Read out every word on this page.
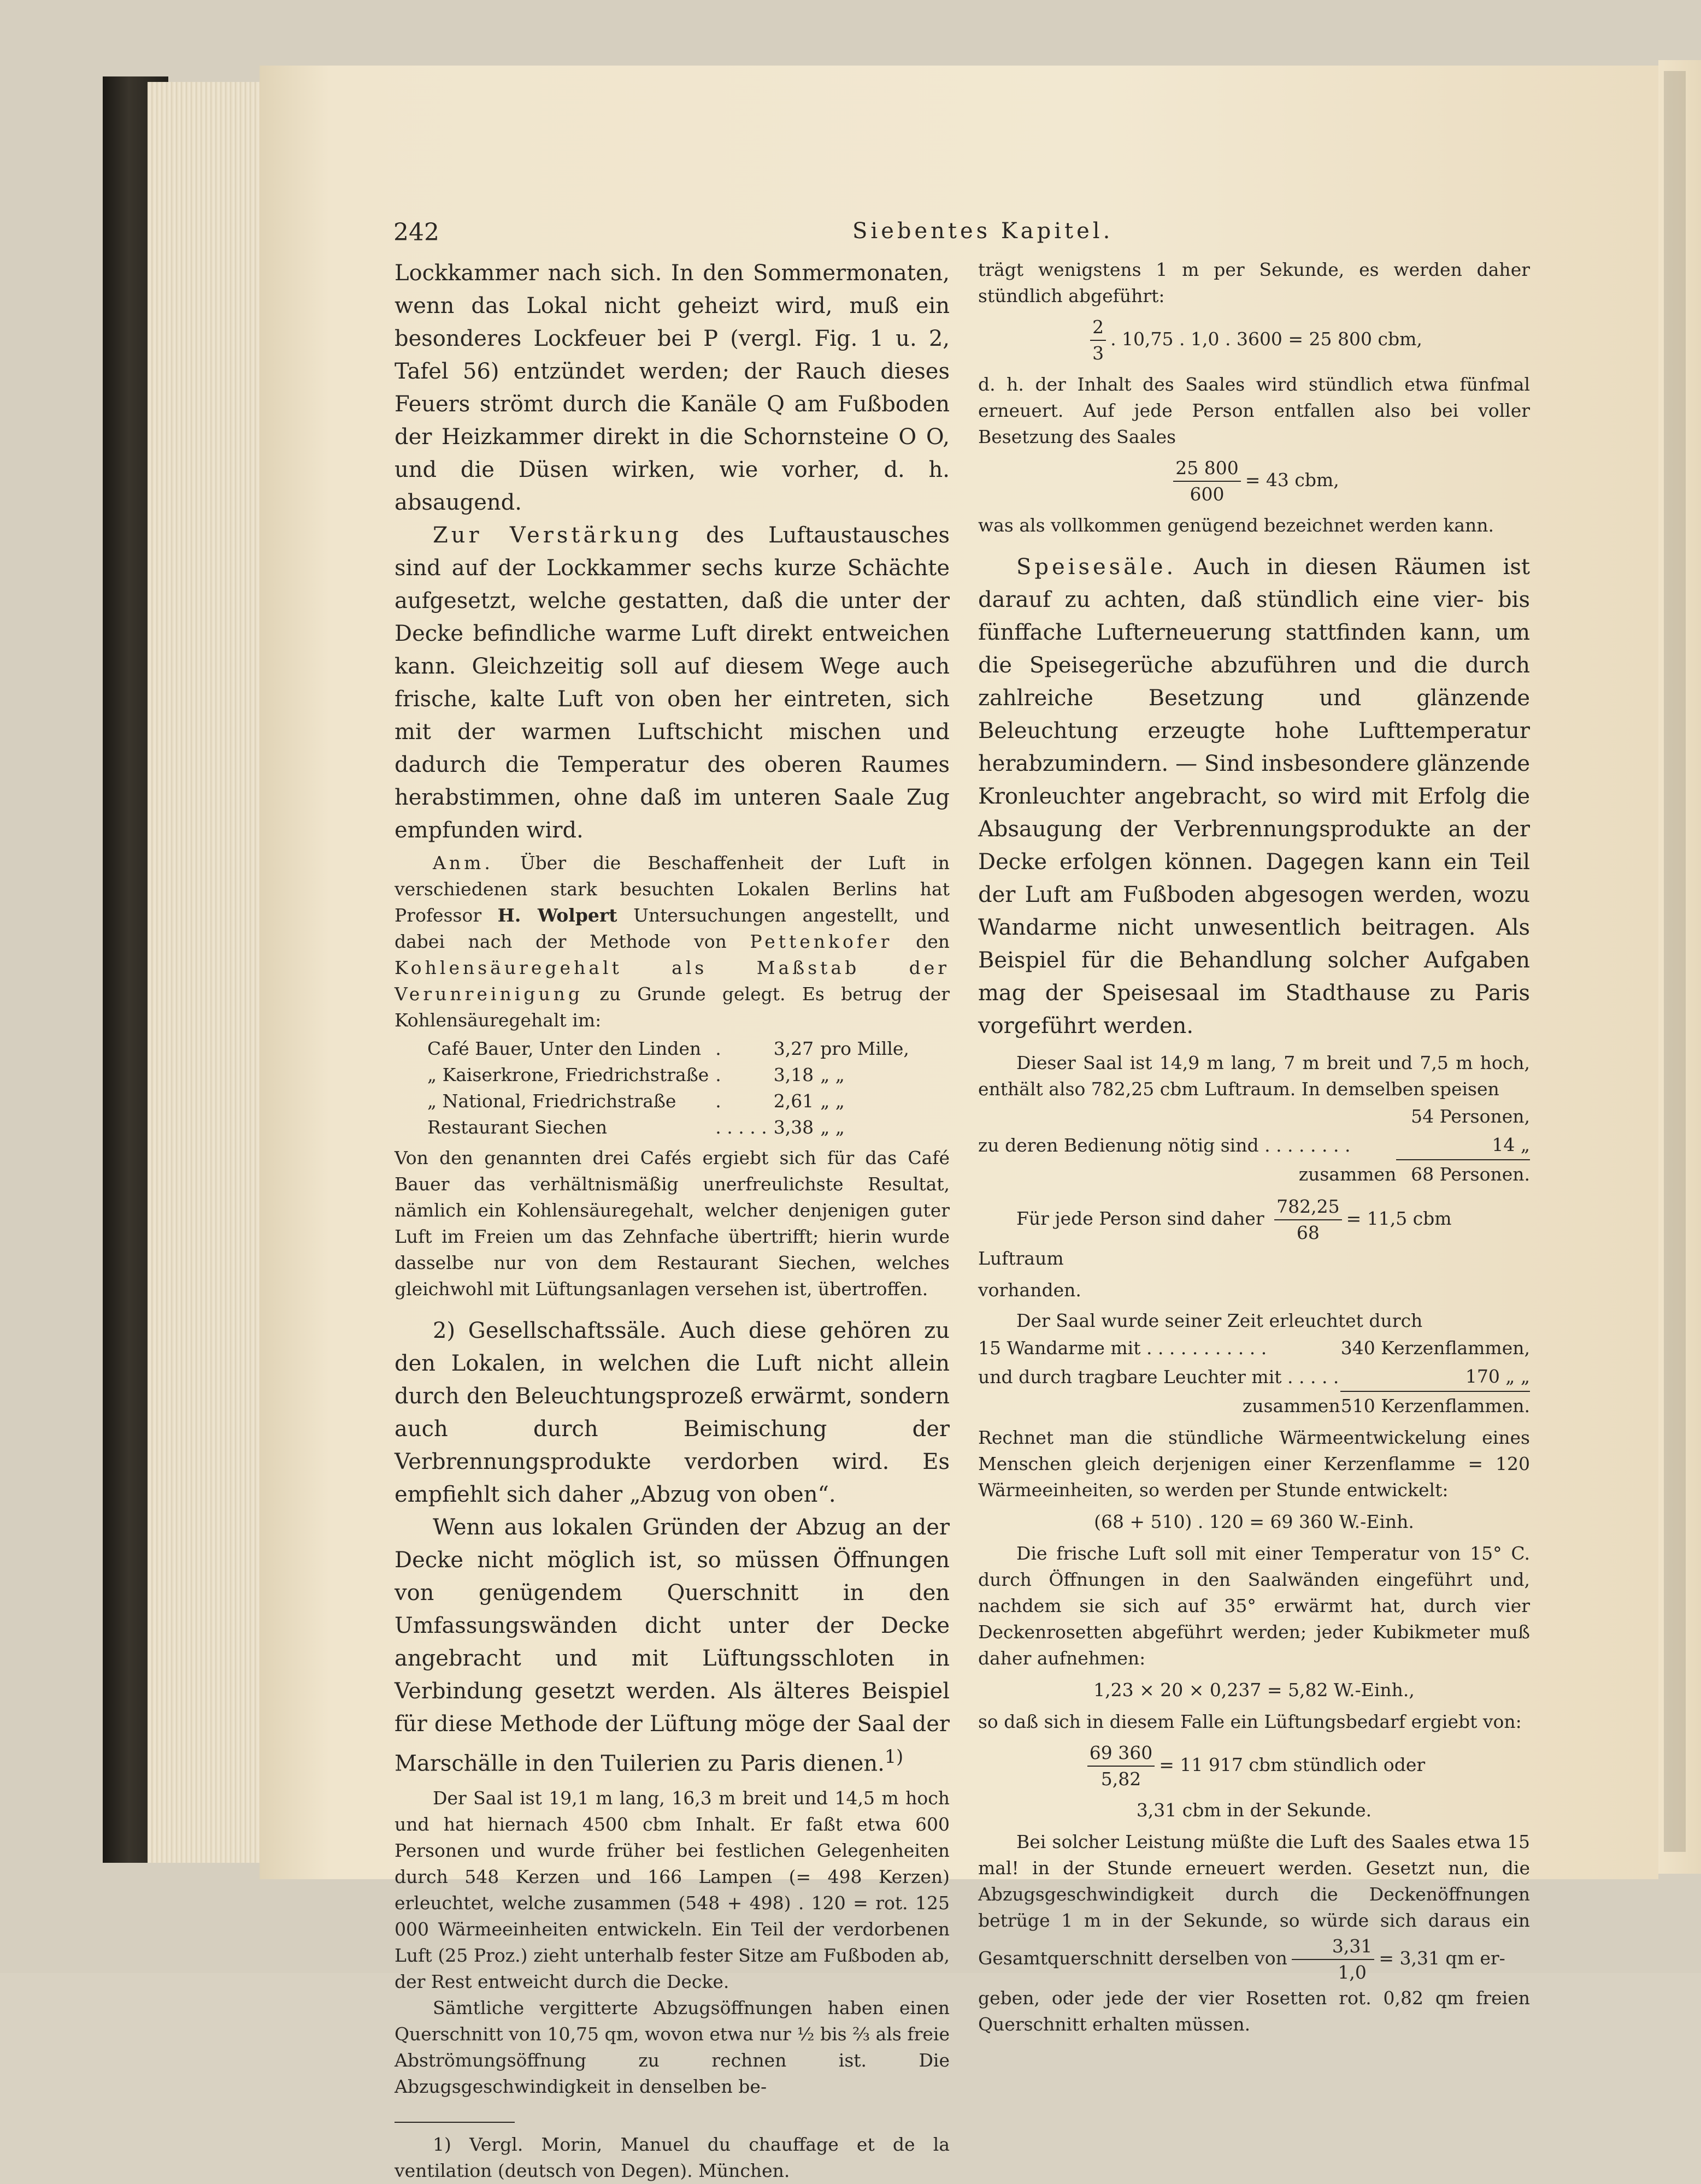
242	Siebentes Kapitel.

Lockkammer nach sich. In den Sommermonaten, wenn das Lokal nicht geheizt wird, muß ein besonderes Lockfeuer bei P (vergl. Fig. 1 u. 2, Tafel 56) entzündet werden; der Rauch dieses Feuers strömt durch die Kanäle Q am Fußboden der Heizkammer direkt in die Schornsteine O O, und die Düsen wirken, wie vorher, d. h. absaugend.

Zur Verstärkung des Luftaustausches sind auf der Lockkammer sechs kurze Schächte aufgesetzt, welche gestatten, daß die unter der Decke befindliche warme Luft direkt entweichen kann. Gleichzeitig soll auf diesem Wege auch frische, kalte Luft von oben her eintreten, sich mit der warmen Luftschicht mischen und dadurch die Temperatur des oberen Raumes herabstimmen, ohne daß im unteren Saale Zug empfunden wird.

Anm. Über die Beschaffenheit der Luft in verschiedenen stark besuchten Lokalen Berlins hat Professor H. Wolpert Untersuchungen angestellt, und dabei nach der Methode von Pettenkofer den Kohlensäuregehalt als Maßstab der Verunreinigung zu Grunde gelegt. Es betrug der Kohlensäuregehalt im:
Café Bauer, Unter den Linden	.	3,27	pro Mille,
„ Kaiserkrone, Friedrichstraße	.	3,18	„ „
„ National, Friedrichstraße	.	2,61	„ „
Restaurant Siechen	. . . . .	3,38	„ „

Von den genannten drei Cafés ergiebt sich für das Café Bauer das verhältnismäßig unerfreulichste Resultat, nämlich ein Kohlensäuregehalt, welcher denjenigen guter Luft im Freien um das Zehnfache übertrifft; hierin wurde dasselbe nur von dem Restaurant Siechen, welches gleichwohl mit Lüftungsanlagen versehen ist, übertroffen.

2) Gesellschaftssäle. Auch diese gehören zu den Lokalen, in welchen die Luft nicht allein durch den Beleuchtungsprozeß erwärmt, sondern auch durch Beimischung der Verbrennungsprodukte verdorben wird. Es empfiehlt sich daher „Abzug von oben“.

Wenn aus lokalen Gründen der Abzug an der Decke nicht möglich ist, so müssen Öffnungen von genügendem Querschnitt in den Umfassungswänden dicht unter der Decke angebracht und mit Lüftungsschloten in Verbindung gesetzt werden. Als älteres Beispiel für diese Methode der Lüftung möge der Saal der Marschälle in den Tuilerien zu Paris dienen.$^{1)}$

Der Saal ist 19,1 m lang, 16,3 m breit und 14,5 m hoch und hat hiernach 4500 cbm Inhalt. Er faßt etwa 600 Personen und wurde früher bei festlichen Gelegenheiten durch 548 Kerzen und 166 Lampen (= 498 Kerzen) erleuchtet, welche zusammen (548 + 498) . 120 = rot. 125 000 Wärmeeinheiten entwickeln. Ein Teil der verdorbenen Luft (25 Proz.) zieht unterhalb fester Sitze am Fußboden ab, der Rest entweicht durch die Decke.

Sämtliche vergitterte Abzugsöffnungen haben einen Querschnitt von 10,75 qm, wovon etwa nur ½ bis ⅔ als freie Abströmungsöffnung zu rechnen ist. Die Abzugsgeschwindigkeit in denselben be-

1) Vergl. Morin, Manuel du chauffage et de la ventilation (deutsch von Degen). München.

trägt wenigstens 1 m per Sekunde, es werden daher stündlich abgeführt:

$\frac{2}{3}$ . 10,75 . 1,0 . 3600 = 25 800 cbm,

d. h. der Inhalt des Saales wird stündlich etwa fünfmal erneuert. Auf jede Person entfallen also bei voller Besetzung des Saales

$\frac{25 800}{600} = 43$ cbm,

was als vollkommen genügend bezeichnet werden kann.

Speisesäle. Auch in diesen Räumen ist darauf zu achten, daß stündlich eine vier- bis fünffache Lufterneuerung stattfinden kann, um die Speisegerüche abzuführen und die durch zahlreiche Besetzung und glänzende Beleuchtung erzeugte hohe Lufttemperatur herabzumindern. — Sind insbesondere glänzende Kronleuchter angebracht, so wird mit Erfolg die Absaugung der Verbrennungsprodukte an der Decke erfolgen können. Dagegen kann ein Teil der Luft am Fußboden abgesogen werden, wozu Wandarme nicht unwesentlich beitragen. Als Beispiel für die Behandlung solcher Aufgaben mag der Speisesaal im Stadthause zu Paris vorgeführt werden.

Dieser Saal ist 14,9 m lang, 7 m breit und 7,5 m hoch, enthält also 782,25 cbm Luftraum. In demselben speisen

	54 Personen,
zu deren Bedienung nötig sind . . . . . . . .	14 „
zusammen	68 Personen.
Für jede Person sind daher $\frac{782,25}{68} = 11,5$ cbm Luftraum

vorhanden.

Der Saal wurde seiner Zeit erleuchtet durch

15 Wandarme mit . . . . . . . . . . .	340 Kerzenflammen,
und durch tragbare Leuchter mit . . . . .	170 „ „
zusammen	510 Kerzenflammen.

Rechnet man die stündliche Wärmeentwickelung eines Menschen gleich derjenigen einer Kerzenflamme = 120 Wärmeeinheiten, so werden per Stunde entwickelt:

(68 + 510) . 120 = 69 360 W.-Einh.

Die frische Luft soll mit einer Temperatur von 15° C. durch Öffnungen in den Saalwänden eingeführt und, nachdem sie sich auf 35° erwärmt hat, durch vier Deckenrosetten abgeführt werden; jeder Kubikmeter muß daher aufnehmen:

1,23 × 20 × 0,237 = 5,82 W.-Einh.,

so daß sich in diesem Falle ein Lüftungsbedarf ergiebt von:

$\frac{69 360}{5,82} = 11$ 917 cbm stündlich oder
3,31 cbm in der Sekunde.

Bei solcher Leistung müßte die Luft des Saales etwa 15 mal! in der Stunde erneuert werden. Gesetzt nun, die Abzugsgeschwindigkeit durch die Deckenöffnungen betrüge 1 m in der Sekunde, so würde sich daraus ein Gesamtquerschnitt derselben von $\frac{3,31}{1,0} = 3,31$ qm er-

geben, oder jede der vier Rosetten rot. 0,82 qm freien Querschnitt erhalten müssen.
